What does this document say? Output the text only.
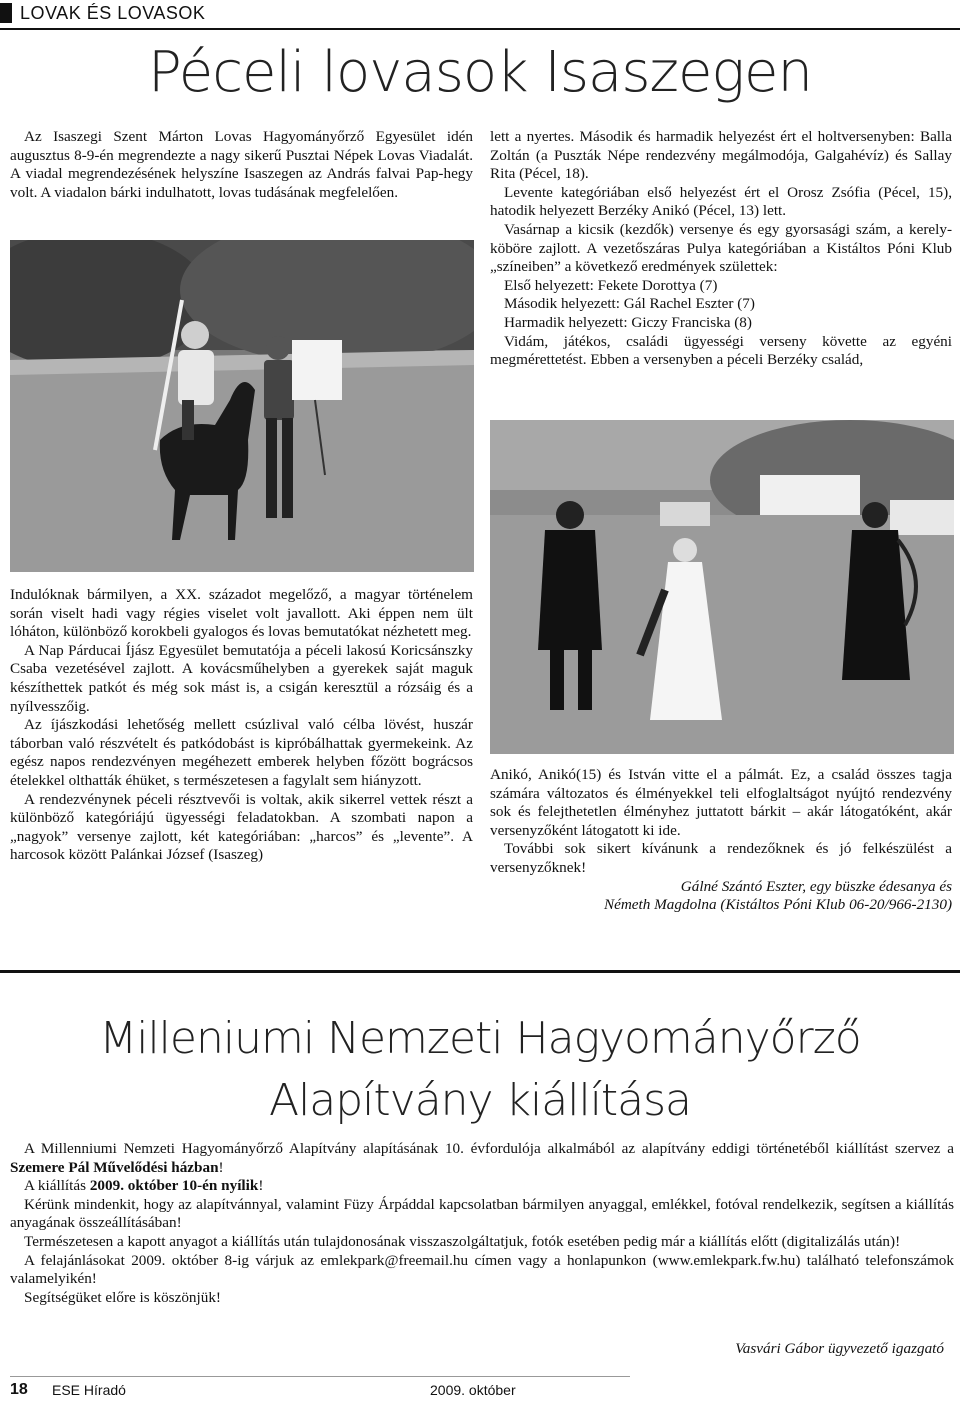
LOVAK ÉS LOVASOK
Péceli lovasok Isaszegen

Az Isaszegi Szent Márton Lovas Hagyományőrző Egyesület idén augusztus 8-9-én megrendezte a nagy sikerű Pusztai Népek Lovas Viadalát. A viadal megrendezésének helyszíne Isaszegen az András falvai Pap-hegy volt. A viadalon bárki indulhatott, lovas tudásának megfelelően.

lett a nyertes. Második és harmadik helyezést ért el holtversenyben: Balla Zoltán (a Puszták Népe rendezvény megálmodója, Galgahévíz) és Sallay Rita (Pécel, 18).

Levente kategóriában első helyezést ért el Orosz Zsófia (Pécel, 15), hatodik helyezett Berzéky Anikó (Pécel, 13) lett.

Vasárnap a kicsik (kezdők) versenye és egy gyorsasági szám, a kerely-köböre zajlott. A vezetőszáras Pulya kategóriában a Kistáltos Póni Klub „színeiben” a következő eredmények születtek:

Első helyezett: Fekete Dorottya (7)

Második helyezett: Gál Rachel Eszter (7)

Harmadik helyezett: Giczy Franciska (8)

Vidám, játékos, családi ügyességi verseny követte az egyéni megmérettetést. Ebben a versenyben a péceli Berzéky család,

Indulóknak bármilyen, a XX. századot megelőző, a magyar történelem során viselt hadi vagy régies viselet volt javallott. Aki éppen nem ült lóháton, különböző korokbeli gyalogos és lovas bemutatókat nézhetett meg.

A Nap Párducai Íjász Egyesület bemutatója a péceli lakosú Koricsánszky Csaba vezetésével zajlott. A kovácsműhelyben a gyerekek saját maguk készíthettek patkót és még sok mást is, a csigán keresztül a rózsáig és a nyílvesszőig.

Az íjászkodási lehetőség mellett csúzlival való célba lövést, huszár táborban való részvételt és patkódobást is kipróbálhattak gyermekeink. Az egész napos rendezvényen megéhezett emberek helyben főzött bográcsos ételekkel olthatták éhüket, s természetesen a fagylalt sem hiányzott.

A rendezvénynek péceli résztvevői is voltak, akik sikerrel vettek részt a különböző kategóriájú ügyességi feladatokban. A szombati napon a „nagyok” versenye zajlott, két kategóriában: „harcos” és „levente”. A harcosok között Palánkai József (Isaszeg)

Anikó, Anikó(15) és István vitte el a pálmát. Ez, a család összes tagja számára változatos és élményekkel teli elfoglaltságot nyújtó rendezvény sok és felejthetetlen élményhez juttatott bárkit – akár látogatóként, akár versenyzőként látogatott ki ide.

További sok sikert kívánunk a rendezőknek és jó felkészülést a versenyzőknek!

Gálné Szántó Eszter, egy büszke édesanya és

Németh Magdolna (Kistáltos Póni Klub 06-20/966-2130)

Milleniumi Nemzeti Hagyományőrző
Alapítvány kiállítása

A Millenniumi Nemzeti Hagyományőrző Alapítvány alapításának 10. évfordulója alkalmából az alapítvány eddigi történetéből kiállítást szervez a Szemere Pál Művelődési házban!

A kiállítás 2009. október 10-én nyílik!

Kérünk mindenkit, hogy az alapítvánnyal, valamint Füzy Árpáddal kapcsolatban bármilyen anyaggal, emlékkel, fotóval rendelkezik, segítsen a kiállítás anyagának összeállításában!

Természetesen a kapott anyagot a kiállítás után tulajdonosának visszaszolgáltatjuk, fotók esetében pedig már a kiállítás előtt (digitalizálás után)!

A felajánlásokat 2009. október 8-ig várjuk az emlekpark@freemail.hu címen vagy a honlapunkon (www.emlekpark.fw.hu) található telefonszámok valamelyikén!

Segítségüket előre is köszönjük!

Vasvári Gábor ügyvezető igazgató
18 ESE Híradó	2009. október
